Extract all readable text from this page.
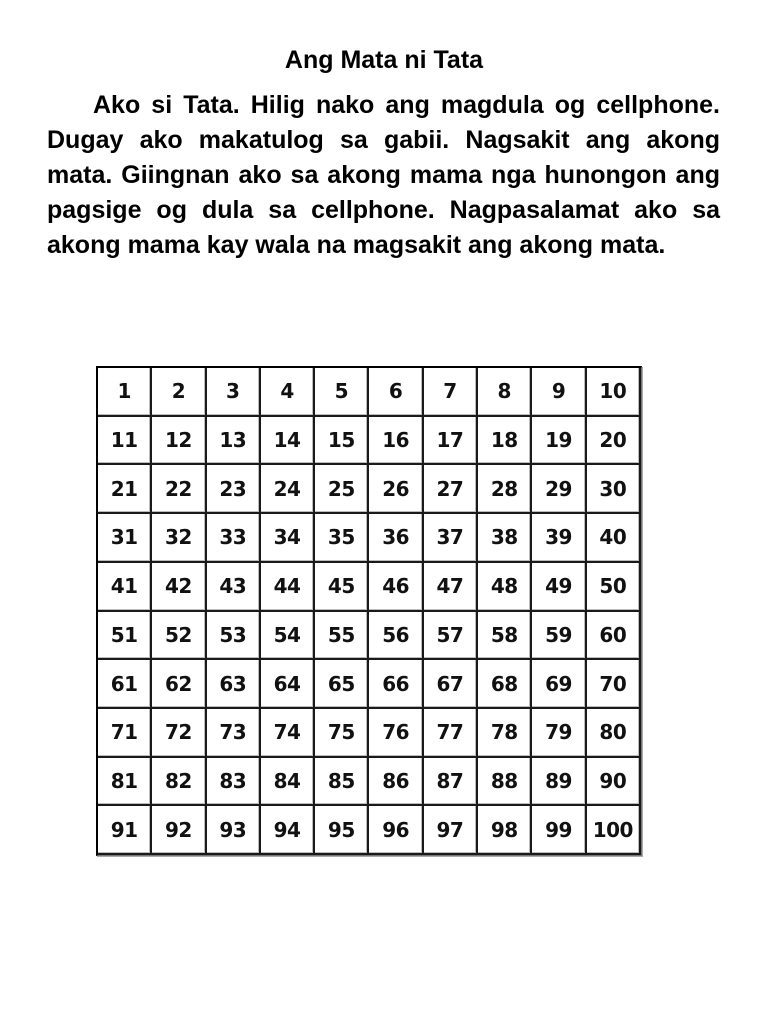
Ang Mata ni Tata

Ako si Tata. Hilig nako ang magdula og cellphone. Dugay ako makatulog sa gabii. Nagsakit ang akong mata. Giingnan ako sa akong mama nga hunongon ang pagsige og dula sa cellphone. Nagpasalamat ako sa akong mama kay wala na magsakit ang akong mata.

1	2	3	4	5	6	7	8	9	10
11	12	13	14	15	16	17	18	19	20
21	22	23	24	25	26	27	28	29	30
31	32	33	34	35	36	37	38	39	40
41	42	43	44	45	46	47	48	49	50
51	52	53	54	55	56	57	58	59	60
61	62	63	64	65	66	67	68	69	70
71	72	73	74	75	76	77	78	79	80
81	82	83	84	85	86	87	88	89	90
91	92	93	94	95	96	97	98	99	100
